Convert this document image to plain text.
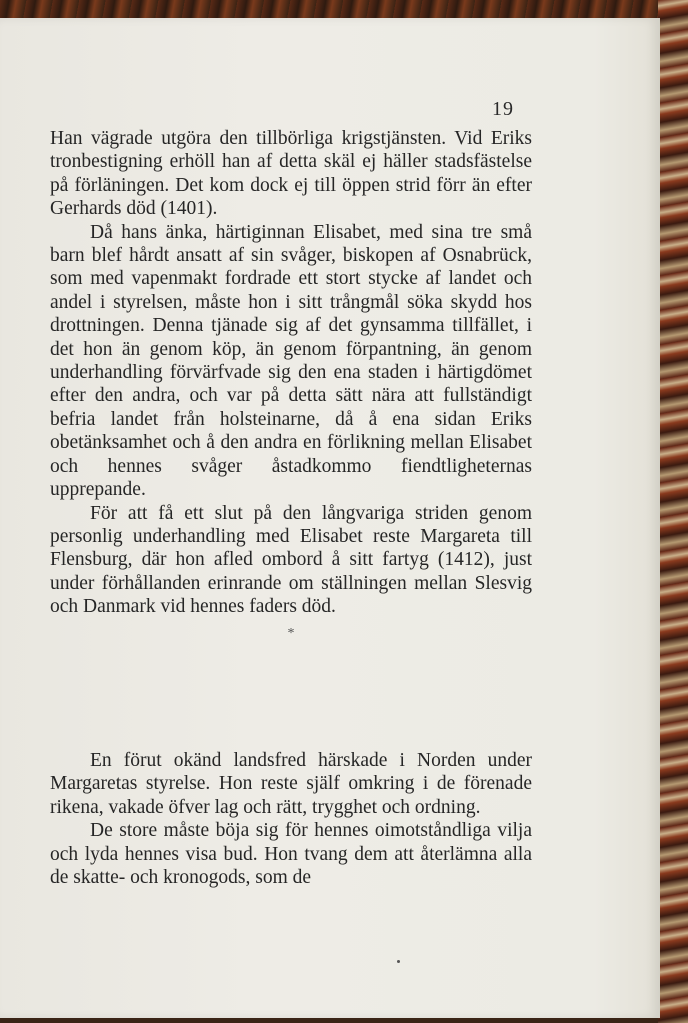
19

Han vägrade utgöra den tillbörliga krigstjänsten. Vid Eriks tronbestigning erhöll han af detta skäl ej häller stadsfästelse på förläningen. Det kom dock ej till öppen strid förr än efter Gerhards död (1401).

Då hans änka, härtiginnan Elisabet, med sina tre små barn blef hårdt ansatt af sin svåger, biskopen af Osnabrück, som med vapenmakt fordrade ett stort stycke af landet och andel i styrelsen, måste hon i sitt trångmål söka skydd hos drottningen. Denna tjänade sig af det gynsamma tillfället, i det hon än genom köp, än genom förpantning, än genom underhandling förvärfvade sig den ena staden i härtigdömet efter den andra, och var på detta sätt nära att fullständigt befria landet från holsteinarne, då å ena sidan Eriks obetänksamhet och å den andra en förlikning mellan Elisabet och hennes svåger åstadkommo fiendtligheternas upprepande.

För att få ett slut på den långvariga striden genom personlig underhandling med Elisabet reste Margareta till Flensburg, där hon afled ombord å sitt fartyg (1412), just under förhållanden erinrande om ställningen mellan Slesvig och Danmark vid hennes faders död.

*

En förut okänd landsfred härskade i Norden under Margaretas styrelse. Hon reste själf omkring i de förenade rikena, vakade öfver lag och rätt, trygghet och ordning.

De store måste böja sig för hennes oimotståndliga vilja och lyda hennes visa bud. Hon tvang dem att återlämna alla de skatte- och kronogods, som de
